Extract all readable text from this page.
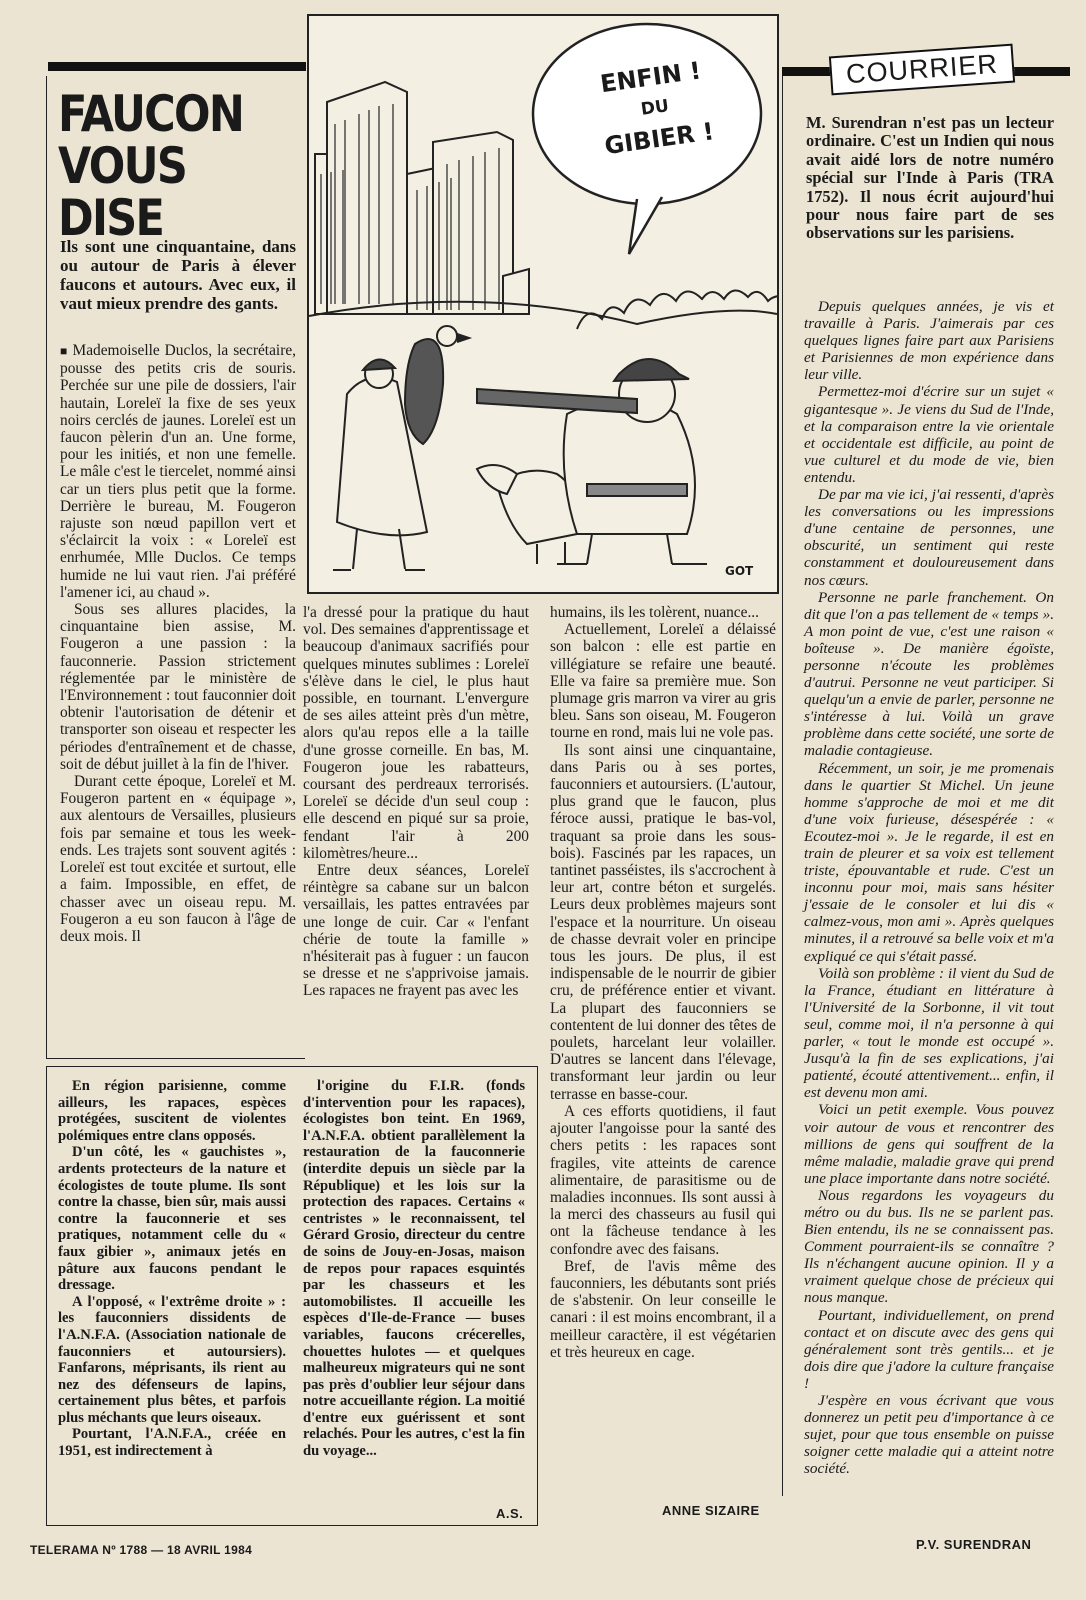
FAUCON
VOUS DISE
Ils sont une cinquantaine, dans ou autour de Paris à élever faucons et autours. Avec eux, il vaut mieux prendre des gants.

■ Mademoiselle Duclos, la secrétaire, pousse des petits cris de souris. Perchée sur une pile de dossiers, l'air hautain, Loreleï la fixe de ses yeux noirs cerclés de jaunes. Loreleï est un faucon pèlerin d'un an. Une forme, pour les initiés, et non une femelle. Le mâle c'est le tiercelet, nommé ainsi car un tiers plus petit que la forme. Derrière le bureau, M. Fougeron rajuste son nœud papillon vert et s'éclaircit la voix : « Loreleï est enrhumée, Mlle Duclos. Ce temps humide ne lui vaut rien. J'ai préféré l'amener ici, au chaud ».

Sous ses allures placides, la cinquantaine bien assise, M. Fougeron a une passion : la fauconnerie. Passion strictement réglementée par le ministère de l'Environnement : tout fauconnier doit obtenir l'autorisation de détenir et transporter son oiseau et respecter les périodes d'entraînement et de chasse, soit de début juillet à la fin de l'hiver.

Durant cette époque, Loreleï et M. Fougeron partent en « équipage », aux alentours de Versailles, plusieurs fois par semaine et tous les week-ends. Les trajets sont souvent agités : Loreleï est tout excitée et surtout, elle a faim. Impossible, en effet, de chasser avec un oiseau repu. M. Fougeron a eu son faucon à l'âge de deux mois. Il

ENFIN !
DU
GIBIER !
GOT

l'a dressé pour la pratique du haut vol. Des semaines d'apprentissage et beaucoup d'animaux sacrifiés pour quelques minutes sublimes : Loreleï s'élève dans le ciel, le plus haut possible, en tournant. L'envergure de ses ailes atteint près d'un mètre, alors qu'au repos elle a la taille d'une grosse corneille. En bas, M. Fougeron joue les rabatteurs, coursant des perdreaux terrorisés. Loreleï se décide d'un seul coup : elle descend en piqué sur sa proie, fendant l'air à 200 kilomètres/heure...

Entre deux séances, Loreleï réintègre sa cabane sur un balcon versaillais, les pattes entravées par une longe de cuir. Car « l'enfant chérie de toute la famille » n'hésiterait pas à fuguer : un faucon se dresse et ne s'apprivoise jamais. Les rapaces ne frayent pas avec les

humains, ils les tolèrent, nuance...

Actuellement, Loreleï a délaissé son balcon : elle est partie en villégiature se refaire une beauté. Elle va faire sa première mue. Son plumage gris marron va virer au gris bleu. Sans son oiseau, M. Fougeron tourne en rond, mais lui ne vole pas.

Ils sont ainsi une cinquantaine, dans Paris ou à ses portes, fauconniers et autoursiers. (L'autour, plus grand que le faucon, plus féroce aussi, pratique le bas-vol, traquant sa proie dans les sous-bois). Fascinés par les rapaces, un tantinet passéistes, ils s'accrochent à leur art, contre béton et surgelés. Leurs deux problèmes majeurs sont l'espace et la nourriture. Un oiseau de chasse devrait voler en principe tous les jours. De plus, il est indispensable de le nourrir de gibier cru, de préférence entier et vivant. La plupart des fauconniers se contentent de lui donner des têtes de poulets, harcelant leur volailler. D'autres se lancent dans l'élevage, transformant leur jardin ou leur terrasse en basse-cour.

A ces efforts quotidiens, il faut ajouter l'angoisse pour la santé des chers petits : les rapaces sont fragiles, vite atteints de carence alimentaire, de parasitisme ou de maladies inconnues. Ils sont aussi à la merci des chasseurs au fusil qui ont la fâcheuse tendance à les confondre avec des faisans.

Bref, de l'avis même des fauconniers, les débutants sont priés de s'abstenir. On leur conseille le canari : il est moins encombrant, il a meilleur caractère, il est végétarien et très heureux en cage.

ANNE SIZAIRE

En région parisienne, comme ailleurs, les rapaces, espèces protégées, suscitent de violentes polémiques entre clans opposés.

D'un côté, les « gauchistes », ardents protecteurs de la nature et écologistes de toute plume. Ils sont contre la chasse, bien sûr, mais aussi contre la fauconnerie et ses pratiques, notamment celle du « faux gibier », animaux jetés en pâture aux faucons pendant le dressage.

A l'opposé, « l'extrême droite » : les fauconniers dissidents de l'A.N.F.A. (Association nationale de fauconniers et autoursiers). Fanfarons, méprisants, ils rient au nez des défenseurs de lapins, certainement plus bêtes, et parfois plus méchants que leurs oiseaux.

Pourtant, l'A.N.F.A., créée en 1951, est indirectement à

l'origine du F.I.R. (fonds d'intervention pour les rapaces), écologistes bon teint. En 1969, l'A.N.F.A. obtient parallèlement la restauration de la fauconnerie (interdite depuis un siècle par la République) et les lois sur la protection des rapaces. Certains « centristes » le reconnaissent, tel Gérard Grosio, directeur du centre de soins de Jouy-en-Josas, maison de repos pour rapaces esquintés par les chasseurs et les automobilistes. Il accueille les espèces d'Ile-de-France — buses variables, faucons crécerelles, chouettes hulotes — et quelques malheureux migrateurs qui ne sont pas près d'oublier leur séjour dans notre accueillante région. La moitié d'entre eux guérissent et sont relachés. Pour les autres, c'est la fin du voyage...

A.S.
COURRIER
M. Surendran n'est pas un lecteur ordinaire. C'est un Indien qui nous avait aidé lors de notre numéro spécial sur l'Inde à Paris (TRA 1752). Il nous écrit aujourd'hui pour nous faire part de ses observations sur les parisiens.

Depuis quelques années, je vis et travaille à Paris. J'aimerais par ces quelques lignes faire part aux Parisiens et Parisiennes de mon expérience dans leur ville.

Permettez-moi d'écrire sur un sujet « gigantesque ». Je viens du Sud de l'Inde, et la comparaison entre la vie orientale et occidentale est difficile, au point de vue culturel et du mode de vie, bien entendu.

De par ma vie ici, j'ai ressenti, d'après les conversations ou les impressions d'une centaine de personnes, une obscurité, un sentiment qui reste constamment et douloureusement dans nos cœurs.

Personne ne parle franchement. On dit que l'on a pas tellement de « temps ». A mon point de vue, c'est une raison « boîteuse ». De manière égoïste, personne n'écoute les problèmes d'autrui. Personne ne veut participer. Si quelqu'un a envie de parler, personne ne s'intéresse à lui. Voilà un grave problème dans cette société, une sorte de maladie contagieuse.

Récemment, un soir, je me promenais dans le quartier St Michel. Un jeune homme s'approche de moi et me dit d'une voix furieuse, désespérée : « Ecoutez-moi ». Je le regarde, il est en train de pleurer et sa voix est tellement triste, épouvantable et rude. C'est un inconnu pour moi, mais sans hésiter j'essaie de le consoler et lui dis « calmez-vous, mon ami ». Après quelques minutes, il a retrouvé sa belle voix et m'a expliqué ce qui s'était passé.

Voilà son problème : il vient du Sud de la France, étudiant en littérature à l'Université de la Sorbonne, il vit tout seul, comme moi, il n'a personne à qui parler, « tout le monde est occupé ». Jusqu'à la fin de ses explications, j'ai patienté, écouté attentivement... enfin, il est devenu mon ami.

Voici un petit exemple. Vous pouvez voir autour de vous et rencontrer des millions de gens qui souffrent de la même maladie, maladie grave qui prend une place importante dans notre société.

Nous regardons les voyageurs du métro ou du bus. Ils ne se parlent pas. Bien entendu, ils ne se connaissent pas. Comment pourraient-ils se connaître ? Ils n'échangent aucune opinion. Il y a vraiment quelque chose de précieux qui nous manque.

Pourtant, individuellement, on prend contact et on discute avec des gens qui généralement sont très gentils... et je dois dire que j'adore la culture française !

J'espère en vous écrivant que vous donnerez un petit peu d'importance à ce sujet, pour que tous ensemble on puisse soigner cette maladie qui a atteint notre société.

P.V. SURENDRAN
TELERAMA Nº 1788 — 18 AVRIL 1984
